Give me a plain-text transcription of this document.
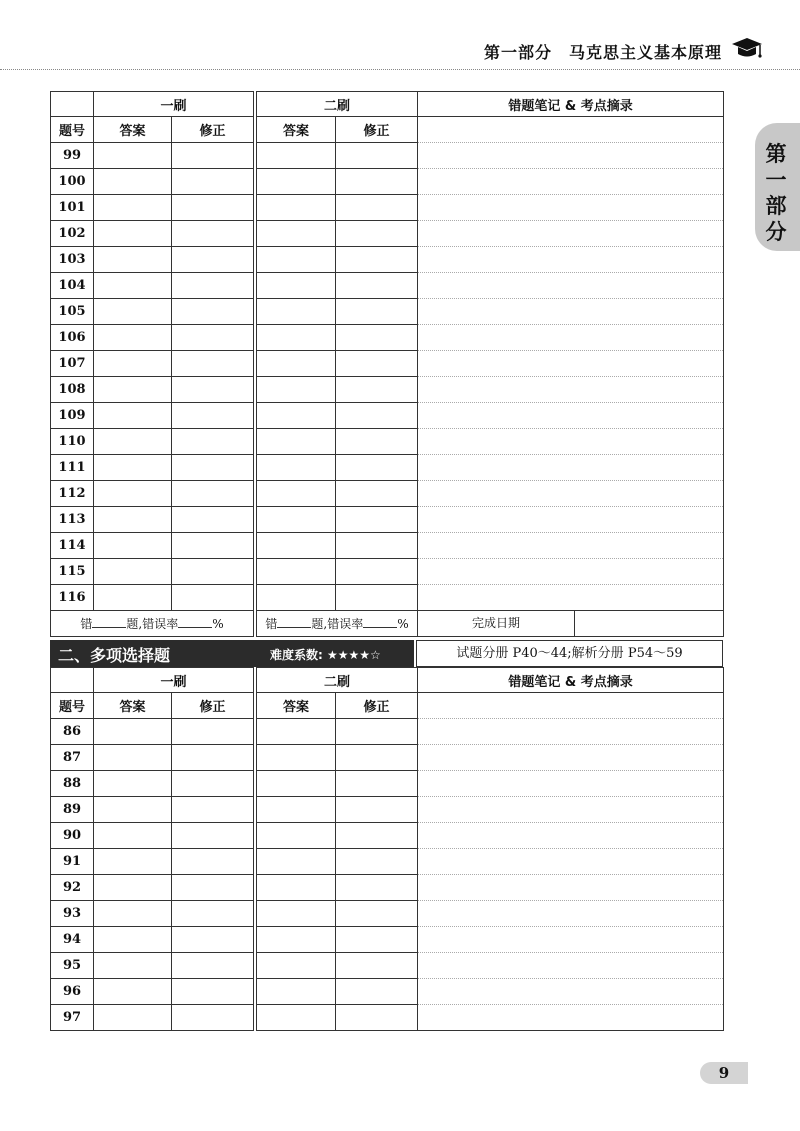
第一部分　马克思主义基本原理
第一部分
	一刷			二刷		错题笔记 & 考点摘录
题号	答案	修正		答案	修正	
99						
100						
101						
102						
103						
104						
105						
106						
107						
108						
109						
110						
111						
112						
113						
114						
115						
116						
错 题,错误率 %				错 题,错误率 %		完成日期
二、多项选择题	难度系数: ★★★★☆	试题分册 P40～44;解析分册 P54～59
	一刷			二刷		错题笔记 & 考点摘录
题号	答案	修正		答案	修正	
86						
87						
88						
89						
90						
91						
92						
93						
94						
95						
96						
97						
9
